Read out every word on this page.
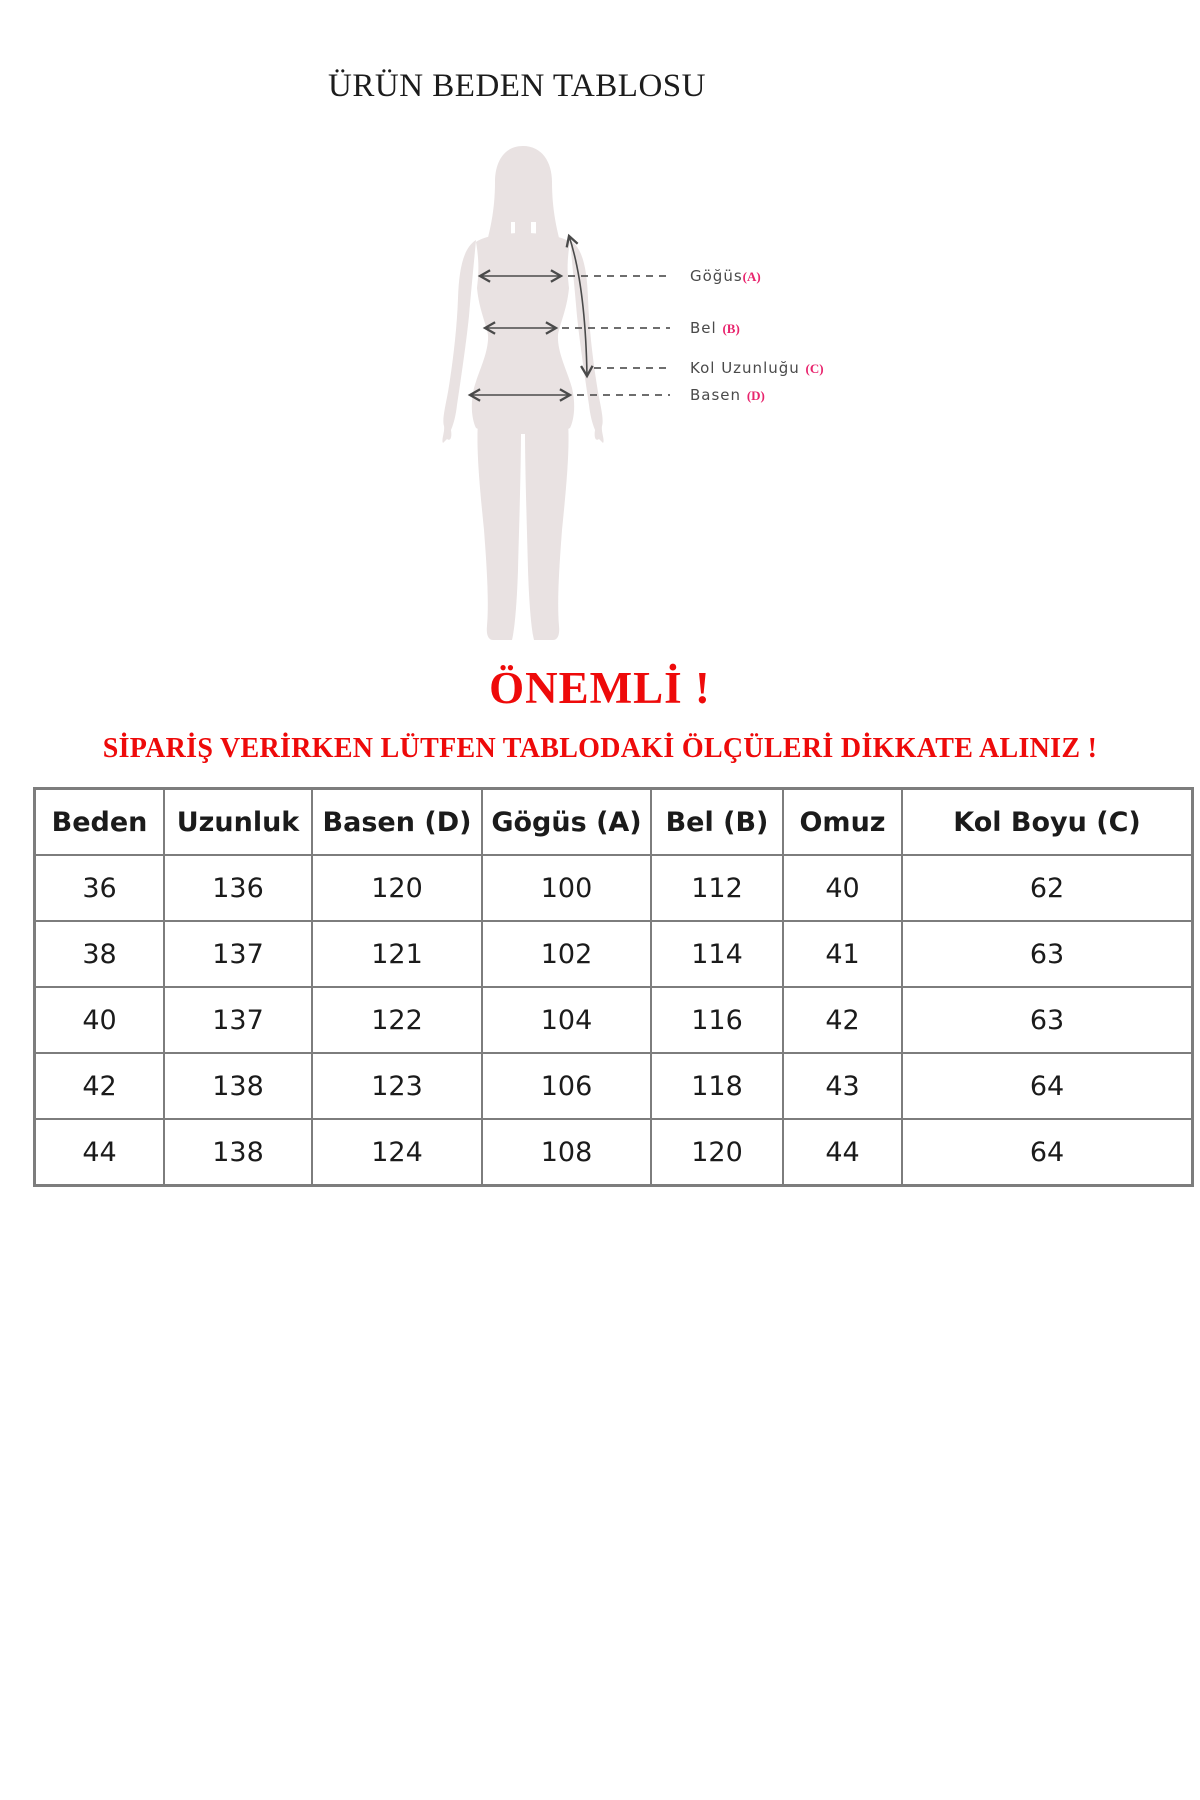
ÜRÜN BEDEN TABLOSU
Göğüs(A)
Bel (B)
Kol Uzunluğu (C)
Basen (D)
ÖNEMLİ !
SİPARİŞ VERİRKEN LÜTFEN TABLODAKİ ÖLÇÜLERİ DİKKATE ALINIZ !
Beden	Uzunluk	Basen (D)	Gögüs (A)	Bel (B)	Omuz	Kol Boyu (C)
36	136	120	100	112	40	62
38	137	121	102	114	41	63
40	137	122	104	116	42	63
42	138	123	106	118	43	64
44	138	124	108	120	44	64
